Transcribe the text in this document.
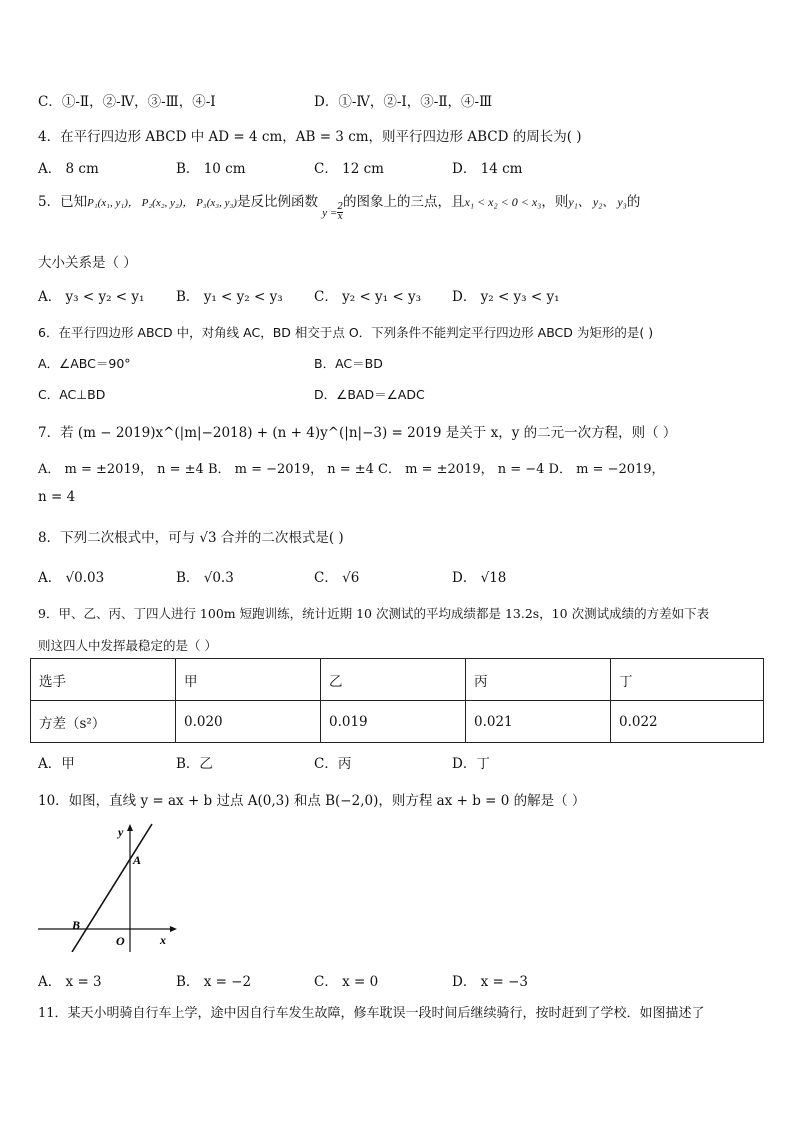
C．①-Ⅱ，②-Ⅳ，③-Ⅲ，④-Ⅰ	D．①-Ⅳ，②-Ⅰ，③-Ⅱ，④-Ⅲ
4．在平行四边形 ABCD 中 AD = 4 cm，AB = 3 cm，则平行四边形 ABCD 的周长为( )
A． 8 cm	B． 10 cm	C． 12 cm	D． 14 cm
5．已知P₁(x₁, y₁)， P₂(x₂, y₂)， P₃(x₃, y₃)是反比例函数 $_{y =} \frac{2}{x}$
的图象上的三点，且x₁ < x₂ < 0 < x₃，则y₁、 y₂、 y₃的
大小关系是（ ）
A． y₃ < y₂ < y₁ B． y₁ < y₂ < y₃ C． y₂ < y₁ < y₃ D． y₂ < y₃ < y₁
6．在平行四边形 ABCD 中，对角线 AC，BD 相交于点 O．下列条件不能判定平行四边形 ABCD 为矩形的是( )
A．∠ABC＝90°	B．AC＝BD
C．AC⊥BD	D．∠BAD＝∠ADC
7．若 (m − 2019)x^(|m|−2018) + (n + 4)y^(|n|−3) = 2019 是关于 x，y 的二元一次方程，则（ ）
A． m = ±2019， n = ±4 B． m = −2019， n = ±4 C． m = ±2019， n = −4 D． m = −2019，
n = 4
8．下列二次根式中，可与 √3 合并的二次根式是( )
A． √0.03	B． √0.3	C． √6	D． √18
9．甲、乙、丙、丁四人进行 100m 短跑训练，统计近期 10 次测试的平均成绩都是 13.2s，10 次测试成绩的方差如下表
则这四人中发挥最稳定的是（ ）
选手	甲	乙	丙	丁
方差（s²）	0.020	0.019	0.021	0.022
A．甲	B．乙	C．丙	D．丁
10．如图，直线 y = ax + b 过点 A(0,3) 和点 B(−2,0)，则方程 ax + b = 0 的解是（ ）
y
x
A
B
O
A． x = 3	B． x = −2	C． x = 0	D． x = −3
11．某天小明骑自行车上学，途中因自行车发生故障，修车耽误一段时间后继续骑行，按时赶到了学校．如图描述了
